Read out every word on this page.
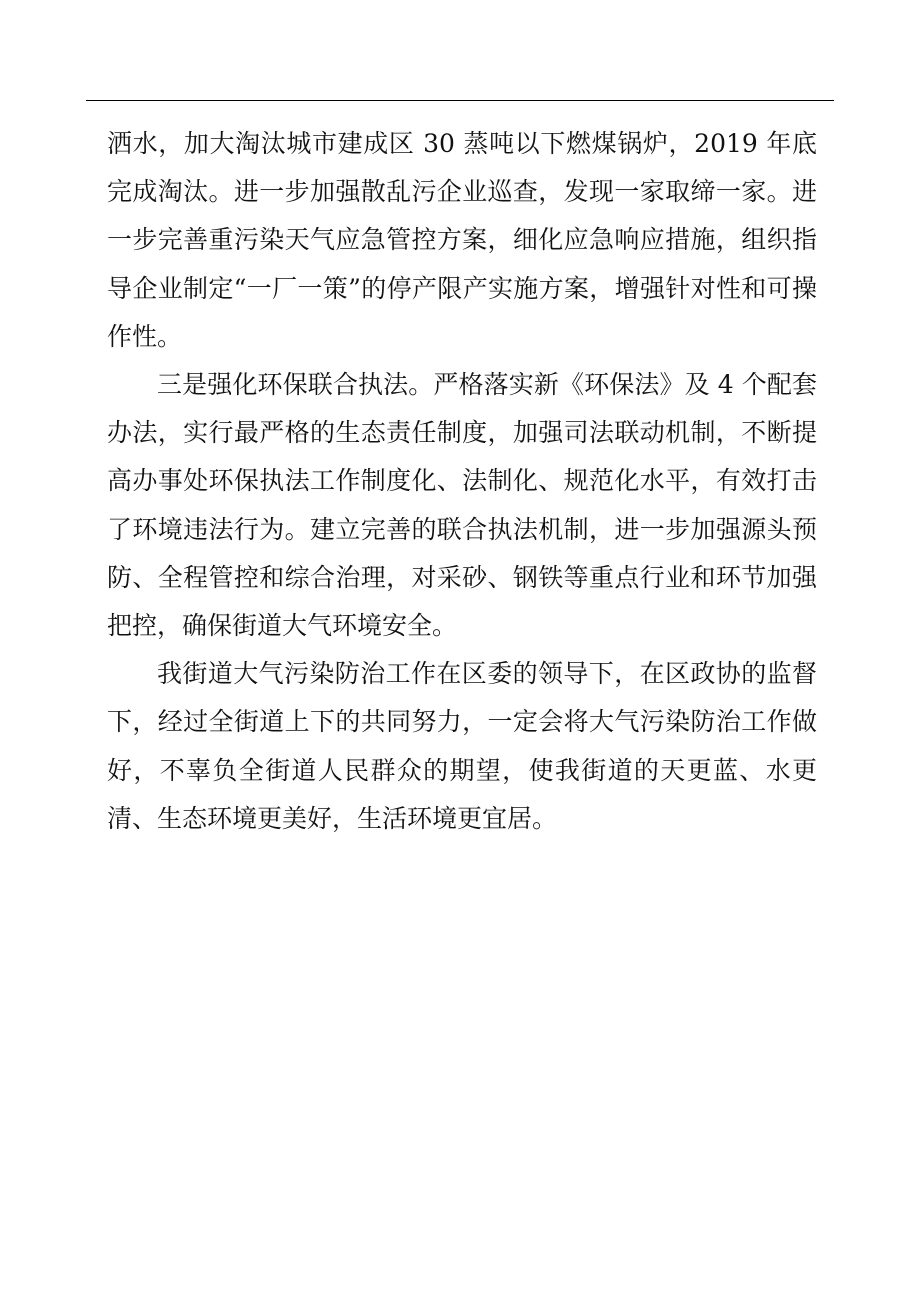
洒水，加大淘汰城市建成区 30 蒸吨以下燃煤锅炉，2019 年底完成淘汰。进一步加强散乱污企业巡查，发现一家取缔一家。进一步完善重污染天气应急管控方案，细化应急响应措施，组织指导企业制定“一厂一策”的停产限产实施方案，增强针对性和可操作性。

三是强化环保联合执法。严格落实新《环保法》及 4 个配套办法，实行最严格的生态责任制度，加强司法联动机制，不断提高办事处环保执法工作制度化、法制化、规范化水平，有效打击了环境违法行为。建立完善的联合执法机制，进一步加强源头预防、全程管控和综合治理，对采砂、钢铁等重点行业和环节加强把控，确保街道大气环境安全。

我街道大气污染防治工作在区委的领导下，在区政协的监督下，经过全街道上下的共同努力，一定会将大气污染防治工作做好，不辜负全街道人民群众的期望，使我街道的天更蓝、水更清、生态环境更美好，生活环境更宜居。
